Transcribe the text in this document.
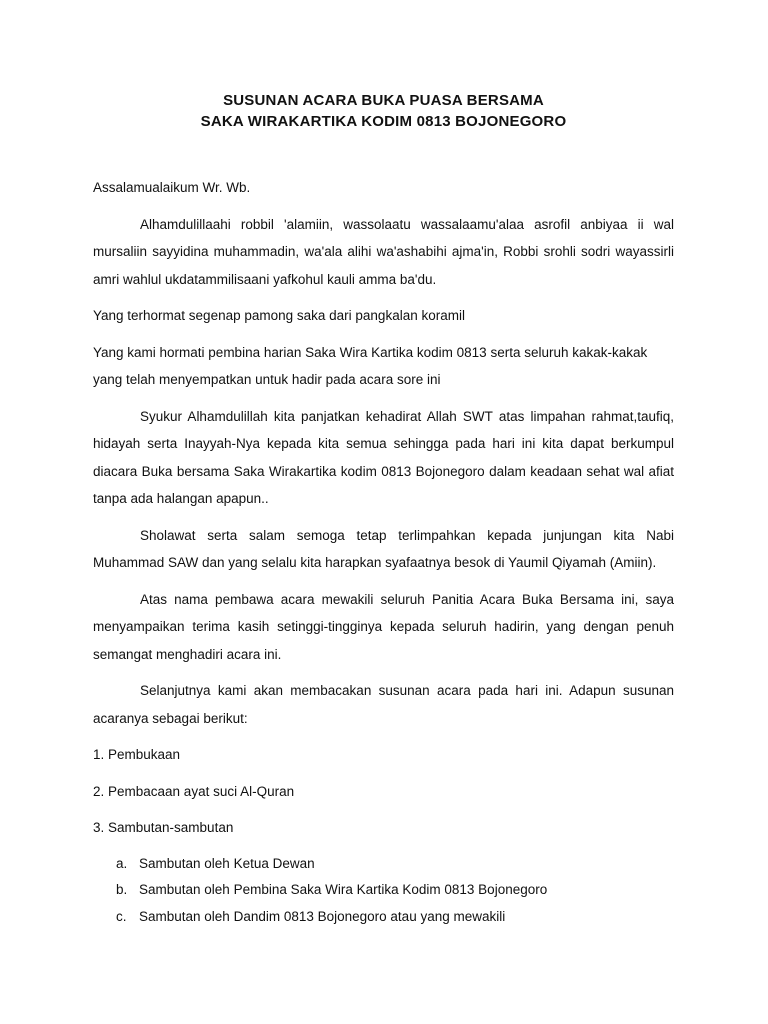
SUSUNAN ACARA BUKA PUASA BERSAMA
SAKA WIRAKARTIKA KODIM 0813 BOJONEGORO

Assalamualaikum Wr. Wb.

Alhamdulillaahi robbil 'alamiin, wassolaatu wassalaamu'alaa asrofil anbiyaa ii wal mursaliin sayyidina muhammadin, wa'ala alihi wa'ashabihi ajma'in, Robbi srohli sodri wayassirli amri wahlul ukdatammilisaani yafkohul kauli amma ba'du.

Yang terhormat segenap pamong saka dari pangkalan koramil

Yang kami hormati pembina harian Saka Wira Kartika kodim 0813 serta seluruh kakak-kakak yang telah menyempatkan untuk hadir pada acara sore ini

Syukur Alhamdulillah kita panjatkan kehadirat Allah SWT atas limpahan rahmat,taufiq, hidayah serta Inayyah-Nya kepada kita semua sehingga pada hari ini kita dapat berkumpul diacara Buka bersama Saka Wirakartika kodim 0813 Bojonegoro dalam keadaan sehat wal afiat tanpa ada halangan apapun..

Sholawat serta salam semoga tetap terlimpahkan kepada junjungan kita Nabi Muhammad SAW dan yang selalu kita harapkan syafaatnya besok di Yaumil Qiyamah (Amiin).

Atas nama pembawa acara mewakili seluruh Panitia Acara Buka Bersama ini, saya menyampaikan terima kasih setinggi-tingginya kepada seluruh hadirin, yang dengan penuh semangat menghadiri acara ini.

Selanjutnya kami akan membacakan susunan acara pada hari ini. Adapun susunan acaranya sebagai berikut:

1. Pembukaan

2. Pembacaan ayat suci Al-Quran

3. Sambutan-sambutan

a. Sambutan oleh Ketua Dewan
b. Sambutan oleh Pembina Saka Wira Kartika Kodim 0813 Bojonegoro
c. Sambutan oleh Dandim 0813 Bojonegoro atau yang mewakili
